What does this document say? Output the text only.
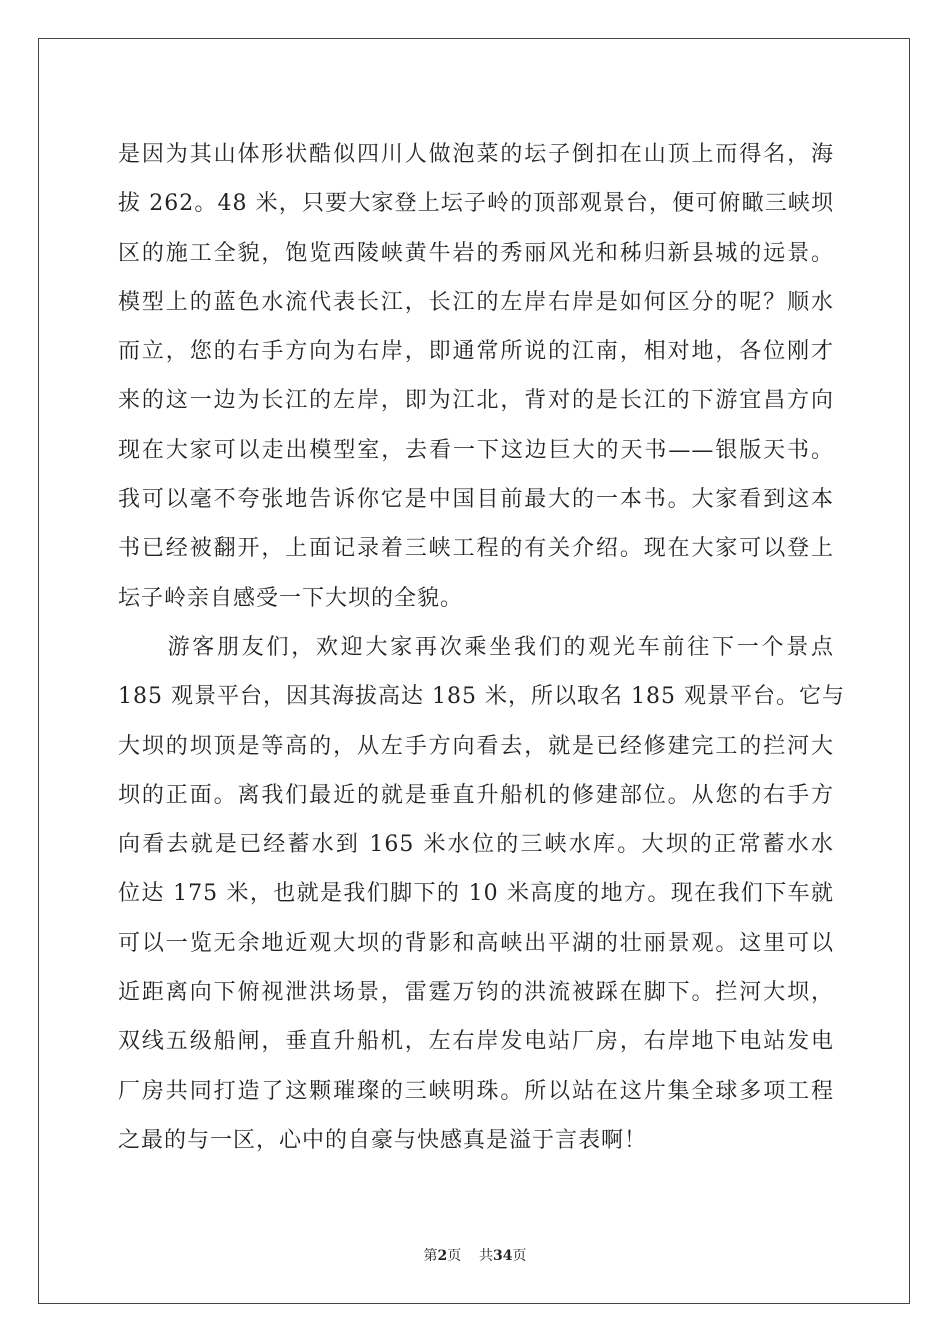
是因为其山体形状酷似四川人做泡菜的坛子倒扣在山顶上而得名，海
拔 262。48 米，只要大家登上坛子岭的顶部观景台，便可俯瞰三峡坝
区的施工全貌，饱览西陵峡黄牛岩的秀丽风光和秭归新县城的远景。
模型上的蓝色水流代表长江，长江的左岸右岸是如何区分的呢？顺水
而立，您的右手方向为右岸，即通常所说的江南，相对地，各位刚才
来的这一边为长江的左岸，即为江北，背对的是长江的下游宜昌方向
现在大家可以走出模型室，去看一下这边巨大的天书——银版天书。
我可以毫不夸张地告诉你它是中国目前最大的一本书。大家看到这本
书已经被翻开，上面记录着三峡工程的有关介绍。现在大家可以登上
坛子岭亲自感受一下大坝的全貌。
　　游客朋友们，欢迎大家再次乘坐我们的观光车前往下一个景点
185 观景平台，因其海拔高达 185 米，所以取名 185 观景平台。它与
大坝的坝顶是等高的，从左手方向看去，就是已经修建完工的拦河大
坝的正面。离我们最近的就是垂直升船机的修建部位。从您的右手方
向看去就是已经蓄水到 165 米水位的三峡水库。大坝的正常蓄水水
位达 175 米，也就是我们脚下的 10 米高度的地方。现在我们下车就
可以一览无余地近观大坝的背影和高峡出平湖的壮丽景观。这里可以
近距离向下俯视泄洪场景，雷霆万钧的洪流被踩在脚下。拦河大坝，
双线五级船闸，垂直升船机，左右岸发电站厂房，右岸地下电站发电
厂房共同打造了这颗璀璨的三峡明珠。所以站在这片集全球多项工程
之最的与一区，心中的自豪与快感真是溢于言表啊！
第2页 共34页
